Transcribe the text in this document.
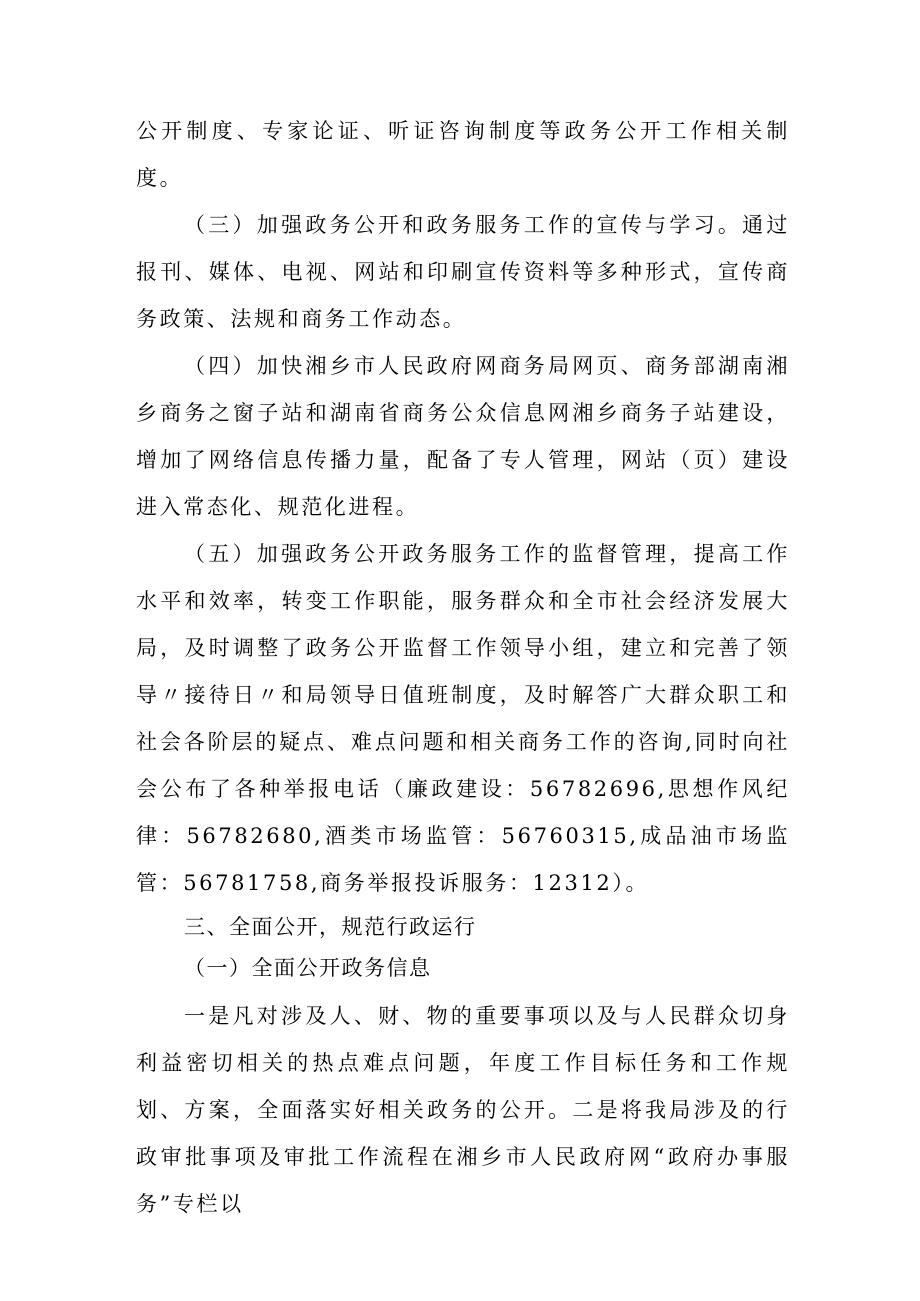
公开制度、专家论证、听证咨询制度等政务公开工作相关制度。

（三）加强政务公开和政务服务工作的宣传与学习。通过报刊、媒体、电视、网站和印刷宣传资料等多种形式，宣传商务政策、法规和商务工作动态。

（四）加快湘乡市人民政府网商务局网页、商务部湖南湘乡商务之窗子站和湖南省商务公众信息网湘乡商务子站建设，增加了网络信息传播力量，配备了专人管理，网站（页）建设进入常态化、规范化进程。

（五）加强政务公开政务服务工作的监督管理，提高工作水平和效率，转变工作职能，服务群众和全市社会经济发展大局，及时调整了政务公开监督工作领导小组，建立和完善了领导〃接待日〃和局领导日值班制度，及时解答广大群众职工和社会各阶层的疑点、难点问题和相关商务工作的咨询,同时向社会公布了各种举报电话（廉政建设：56782696,思想作风纪律：56782680,酒类市场监管：56760315,成品油市场监管：56781758,商务举报投诉服务：12312）。

三、全面公开，规范行政运行

（一）全面公开政务信息

一是凡对涉及人、财、物的重要事项以及与人民群众切身利益密切相关的热点难点问题，年度工作目标任务和工作规划、方案，全面落实好相关政务的公开。二是将我局涉及的行政审批事项及审批工作流程在湘乡市人民政府网“政府办事服务”专栏以
